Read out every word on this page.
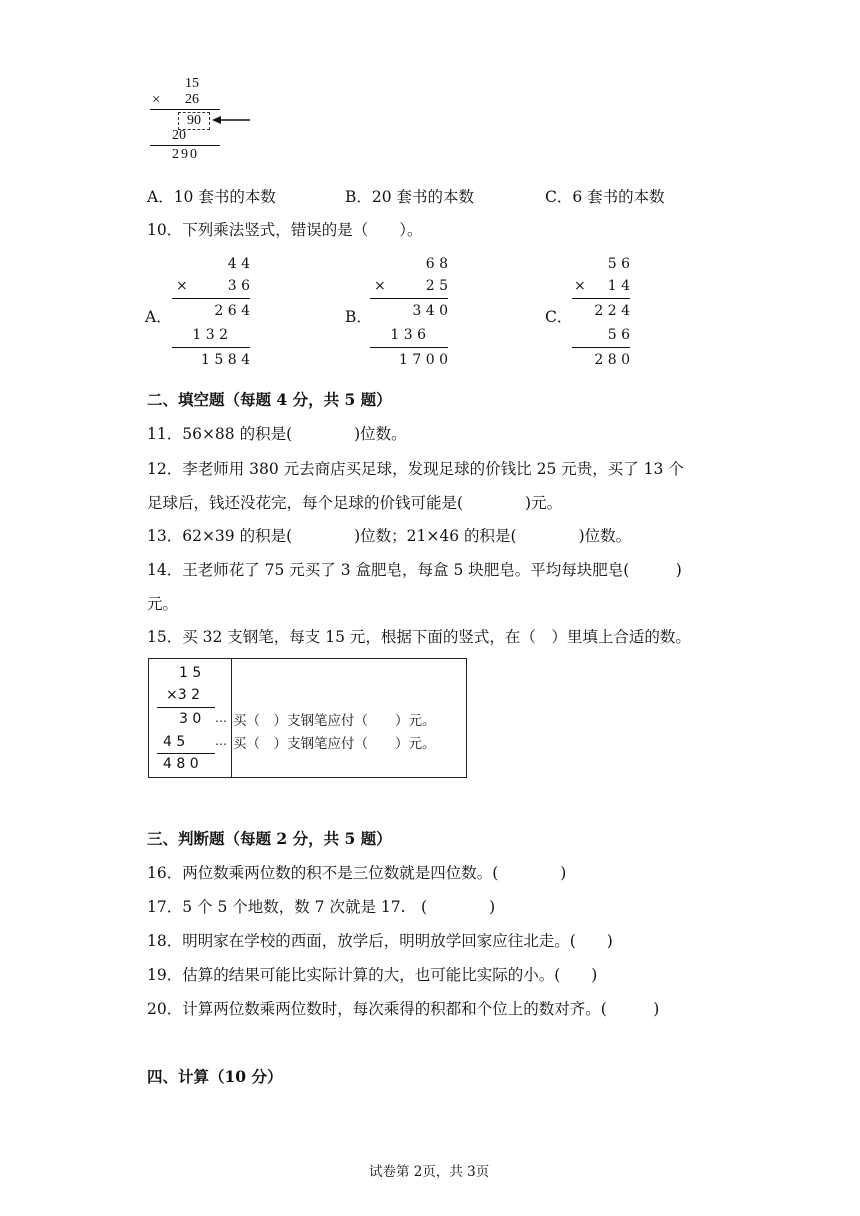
15
× 26
90
20
290
A．10 套书的本数	B．20 套书的本数	C．6 套书的本数
10．下列乘法竖式，错误的是（　　）。
A．
4 4
×	3 6
2 6 4
1 3 2
1 5 8 4
B．
6 8
×	2 5
3 4 0
1 3 6
1 7 0 0
C．
5 6
× 1 4
2 2 4
5 6
2 8 0
二、填空题（每题 4 分，共 5 题）
11．56×88 的积是(　　　　)位数。
12．李老师用 380 元去商店买足球，发现足球的价钱比 25 元贵，买了 13 个
足球后，钱还没花完，每个足球的价钱可能是(　　　　)元。
13．62×39 的积是(　　　　)位数；21×46 的积是(　　　　)位数。
14．王老师花了 75 元买了 3 盒肥皂，每盒 5 块肥皂。平均每块肥皂(　　　)
元。
15．买 32 支钢笔，每支 15 元，根据下面的竖式，在（　）里填上合适的数。
1 5
×3 2
3 0 …
4 5 …
4 8 0
买（　）支钢笔应付（　　）元。
买（　）支钢笔应付（　　）元。
三、判断题（每题 2 分，共 5 题）
16．两位数乘两位数的积不是三位数就是四位数。(　　　　)
17．5 个 5 个地数，数 7 次就是 17.　(　　　　)
18．明明家在学校的西面，放学后，明明放学回家应往北走。(　　)
19．估算的结果可能比实际计算的大，也可能比实际的小。(　　)
20．计算两位数乘两位数时，每次乘得的积都和个位上的数对齐。(　　　)
四、计算（10 分）
试卷第 2页，共 3页
